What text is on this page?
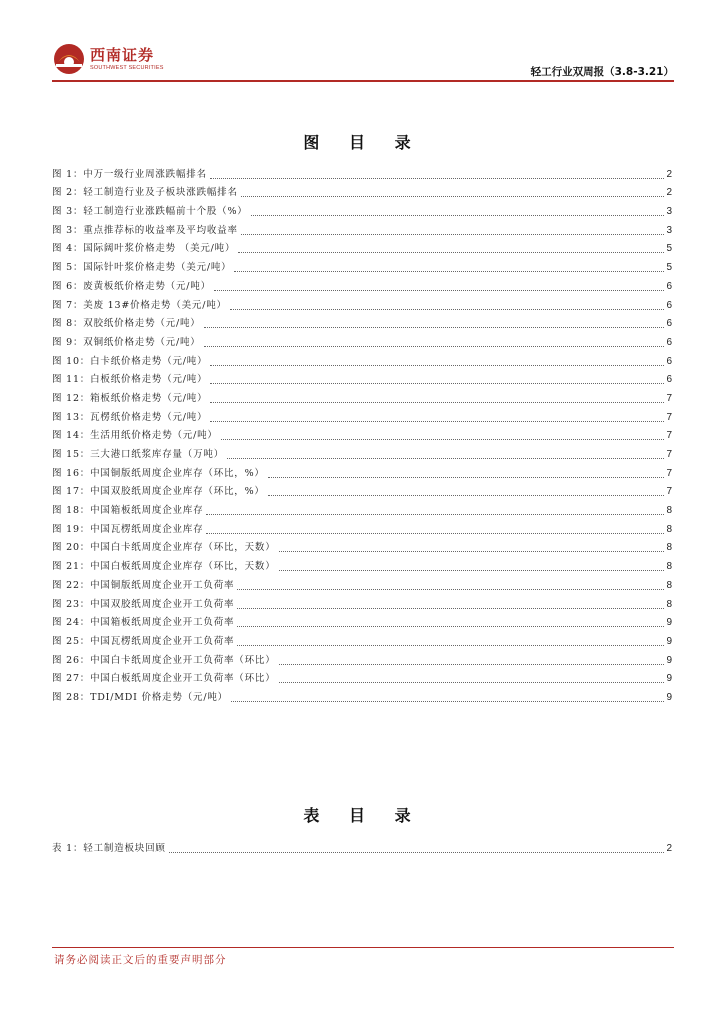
西南证券
SOUTHWEST SECURITIES	轻工行业双周报（3.8-3.21）
图 目 录
图 1：中万一级行业周涨跌幅排名	2
图 2：轻工制造行业及子板块涨跌幅排名	2
图 3：轻工制造行业涨跌幅前十个股（%）	3
图 3：重点推荐标的收益率及平均收益率	3
图 4：国际阔叶浆价格走势 （美元/吨）	5
图 5：国际针叶浆价格走势（美元/吨）	5
图 6：废黄板纸价格走势（元/吨）	6
图 7：美废 13#价格走势（美元/吨）	6
图 8：双胶纸价格走势（元/吨）	6
图 9：双铜纸价格走势（元/吨）	6
图 10：白卡纸价格走势（元/吨）	6
图 11：白板纸价格走势（元/吨）	6
图 12：箱板纸价格走势（元/吨）	7
图 13：瓦楞纸价格走势（元/吨）	7
图 14：生活用纸价格走势（元/吨）	7
图 15：三大港口纸浆库存量（万吨）	7
图 16：中国铜版纸周度企业库存（环比，%）	7
图 17：中国双胶纸周度企业库存（环比，%）	7
图 18：中国箱板纸周度企业库存	8
图 19：中国瓦楞纸周度企业库存	8
图 20：中国白卡纸周度企业库存（环比，天数）	8
图 21：中国白板纸周度企业库存（环比，天数）	8
图 22：中国铜版纸周度企业开工负荷率	8
图 23：中国双胶纸周度企业开工负荷率	8
图 24：中国箱板纸周度企业开工负荷率	9
图 25：中国瓦楞纸周度企业开工负荷率	9
图 26：中国白卡纸周度企业开工负荷率（环比）	9
图 27：中国白板纸周度企业开工负荷率（环比）	9
图 28：TDI/MDI 价格走势（元/吨）	9
表 目 录
表 1：轻工制造板块回顾	2
请务必阅读正文后的重要声明部分
